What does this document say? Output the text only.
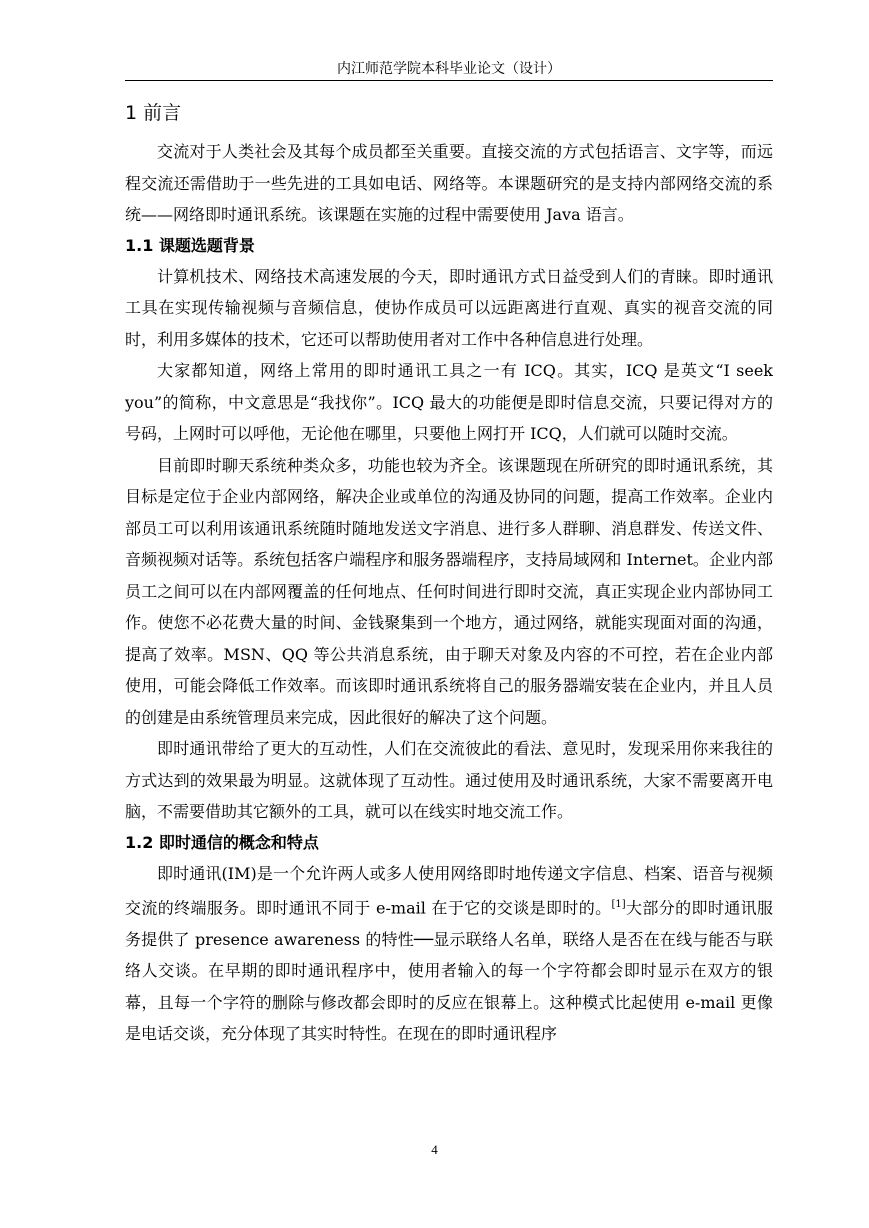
内江师范学院本科毕业论文（设计）
1 前言

交流对于人类社会及其每个成员都至关重要。直接交流的方式包括语言、文字等，而远程交流还需借助于一些先进的工具如电话、网络等。本课题研究的是支持内部网络交流的系统——网络即时通讯系统。该课题在实施的过程中需要使用 Java 语言。

1.1 课题选题背景

计算机技术、网络技术高速发展的今天，即时通讯方式日益受到人们的青睐。即时通讯工具在实现传输视频与音频信息，使协作成员可以远距离进行直观、真实的视音交流的同时，利用多媒体的技术，它还可以帮助使用者对工作中各种信息进行处理。

大家都知道，网络上常用的即时通讯工具之一有 ICQ。其实，ICQ 是英文“I seek you”的简称，中文意思是“我找你”。ICQ 最大的功能便是即时信息交流，只要记得对方的号码，上网时可以呼他，无论他在哪里，只要他上网打开 ICQ，人们就可以随时交流。

目前即时聊天系统种类众多，功能也较为齐全。该课题现在所研究的即时通讯系统，其目标是定位于企业内部网络，解决企业或单位的沟通及协同的问题，提高工作效率。企业内部员工可以利用该通讯系统随时随地发送文字消息、进行多人群聊、消息群发、传送文件、音频视频对话等。系统包括客户端程序和服务器端程序，支持局域网和 Internet。企业内部员工之间可以在内部网覆盖的任何地点、任何时间进行即时交流，真正实现企业内部协同工作。使您不必花费大量的时间、金钱聚集到一个地方，通过网络，就能实现面对面的沟通，提高了效率。MSN、QQ 等公共消息系统，由于聊天对象及内容的不可控，若在企业内部使用，可能会降低工作效率。而该即时通讯系统将自己的服务器端安装在企业内，并且人员的创建是由系统管理员来完成，因此很好的解决了这个问题。

即时通讯带给了更大的互动性，人们在交流彼此的看法、意见时，发现采用你来我往的方式达到的效果最为明显。这就体现了互动性。通过使用及时通讯系统，大家不需要离开电脑，不需要借助其它额外的工具，就可以在线实时地交流工作。

1.2 即时通信的概念和特点

即时通讯(IM)是一个允许两人或多人使用网络即时地传递文字信息、档案、语音与视频交流的终端服务。即时通讯不同于 e-mail 在于它的交谈是即时的。[1]大部分的即时通讯服务提供了 presence awareness 的特性──显示联络人名单，联络人是否在在线与能否与联络人交谈。在早期的即时通讯程序中，使用者输入的每一个字符都会即时显示在双方的银幕，且每一个字符的删除与修改都会即时的反应在银幕上。这种模式比起使用 e-mail 更像是电话交谈，充分体现了其实时特性。在现在的即时通讯程序

4
